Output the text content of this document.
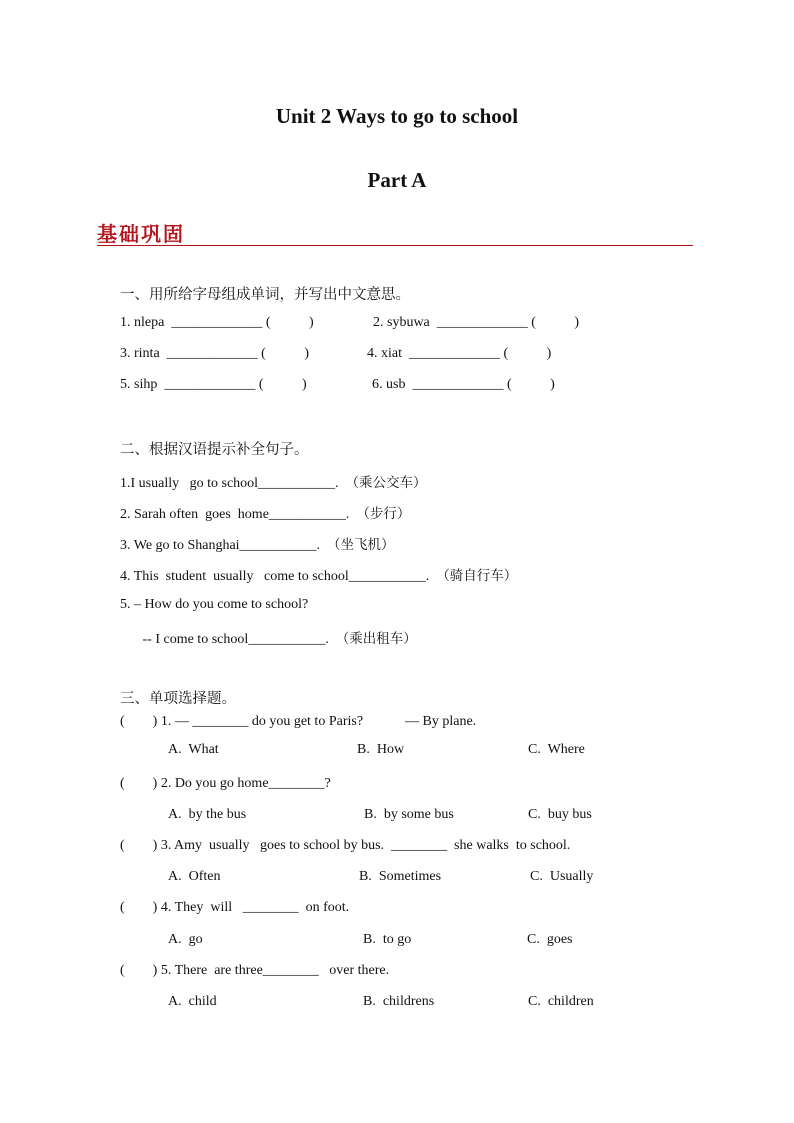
Unit 2 Ways to go to school
Part A
基础巩固
一、用所给字母组成单词，并写出中文意思。
1. nlepa  _____________ (           )	2. sybuwa  _____________ (           )
3. rinta  _____________ (           )	4. xiat  _____________ (           )
5. sihp  _____________ (           )	6. usb  _____________ (           )
二、根据汉语提示补全句子。
1.I usually   go to school___________.  （乘公交车）
2. Sarah often  goes  home___________.  （步行）
3. We go to Shanghai___________.  （坐飞机）
4. This  student  usually   come to school___________.  （骑自行车）
5. – How do you come to school?
-- I come to school___________.  （乘出租车）
三、单项选择题。
(        ) 1. — ________ do you get to Paris?            — By plane.
A.  What	B.  How	C.  Where
(        ) 2. Do you go home________?
A.  by the bus	B.  by some bus	C.  buy bus
(        ) 3. Amy  usually   goes to school by bus.  ________  she walks  to school.
A.  Often	B.  Sometimes	C.  Usually
(        ) 4. They  will   ________  on foot.
A.  go	B.  to go	C.  goes
(        ) 5. There  are three________   over there.
A.  child	B.  childrens	C.  children
